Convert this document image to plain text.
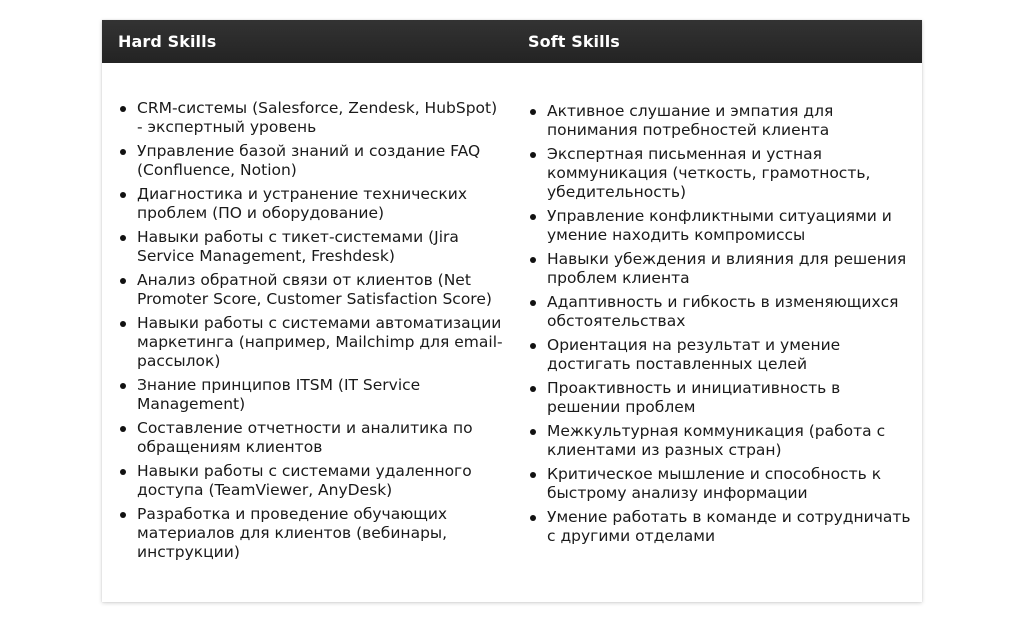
Hard Skills	Soft Skills
CRM-системы (Salesforce, Zendesk, HubSpot) - экспертный уровень
Управление базой знаний и создание FAQ (Confluence, Notion)
Диагностика и устранение технических проблем (ПО и оборудование)
Навыки работы с тикет-системами (Jira Service Management, Freshdesk)
Анализ обратной связи от клиентов (Net Promoter Score, Customer Satisfaction Score)
Навыки работы с системами автоматизации маркетинга (например, Mailchimp для email-рассылок)
Знание принципов ITSM (IT Service Management)
Составление отчетности и аналитика по обращениям клиентов
Навыки работы с системами удаленного доступа (TeamViewer, AnyDesk)
Разработка и проведение обучающих материалов для клиентов (вебинары, инструкции)
Активное слушание и эмпатия для понимания потребностей клиента
Экспертная письменная и устная коммуникация (четкость, грамотность, убедительность)
Управление конфликтными ситуациями и умение находить компромиссы
Навыки убеждения и влияния для решения проблем клиента
Адаптивность и гибкость в изменяющихся обстоятельствах
Ориентация на результат и умение достигать поставленных целей
Проактивность и инициативность в решении проблем
Межкультурная коммуникация (работа с клиентами из разных стран)
Критическое мышление и способность к быстрому анализу информации
Умение работать в команде и сотрудничать с другими отделами
